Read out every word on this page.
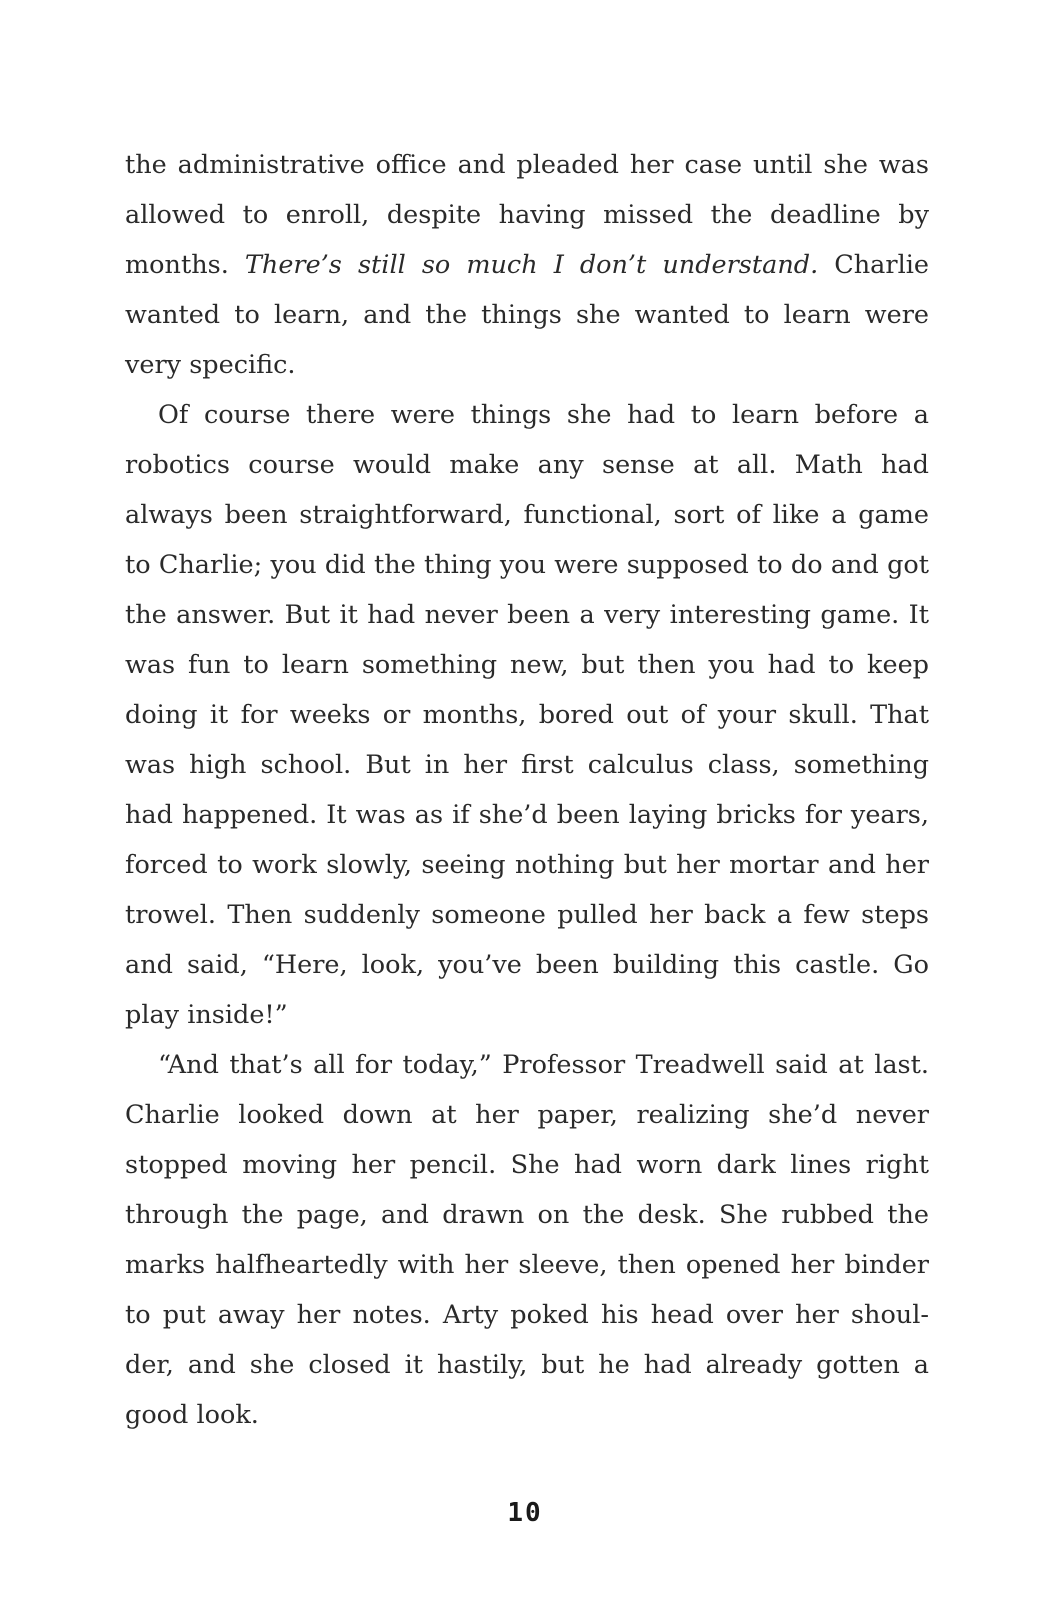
the administrative office and pleaded her case until she was allowed to enroll, despite having missed the deadline by months. There’s still so much I don’t understand. Charlie wanted to learn, and the things she wanted to learn were very specific.

Of course there were things she had to learn before a robotics course would make any sense at all. Math had always been straightforward, functional, sort of like a game to Charlie; you did the thing you were supposed to do and got the answer. But it had never been a very interesting game. It was fun to learn something new, but then you had to keep doing it for weeks or months, bored out of your skull. That was high school. But in her first calculus class, something had happened. It was as if she’d been laying bricks for years, forced to work slowly, seeing nothing but her mortar and her trowel. Then suddenly someone pulled her back a few steps and said, “Here, look, you’ve been building this castle. Go play inside!”

“And that’s all for today,” Professor Treadwell said at last. Charlie looked down at her paper, realizing she’d never stopped moving her pencil. She had worn dark lines right through the page, and drawn on the desk. She rubbed the marks halfheartedly with her sleeve, then opened her binder to put away her notes. Arty poked his head over her shoul-der, and she closed it hastily, but he had already gotten a good look.

10
